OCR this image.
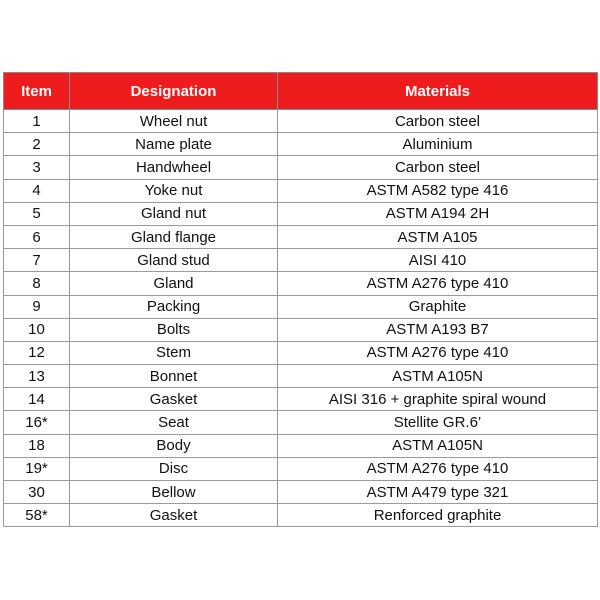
Item	Designation	Materials
1	Wheel nut	Carbon steel
2	Name plate	Aluminium
3	Handwheel	Carbon steel
4	Yoke nut	ASTM A582 type 416
5	Gland nut	ASTM A194 2H
6	Gland flange	ASTM A105
7	Gland stud	AISI 410
8	Gland	ASTM A276 type 410
9	Packing	Graphite
10	Bolts	ASTM A193 B7
12	Stem	ASTM A276 type 410
13	Bonnet	ASTM A105N
14	Gasket	AISI 316 + graphite spiral wound
16*	Seat	Stellite GR.6’
18	Body	ASTM A105N
19*	Disc	ASTM A276 type 410
30	Bellow	ASTM A479 type 321
58*	Gasket	Renforced graphite
